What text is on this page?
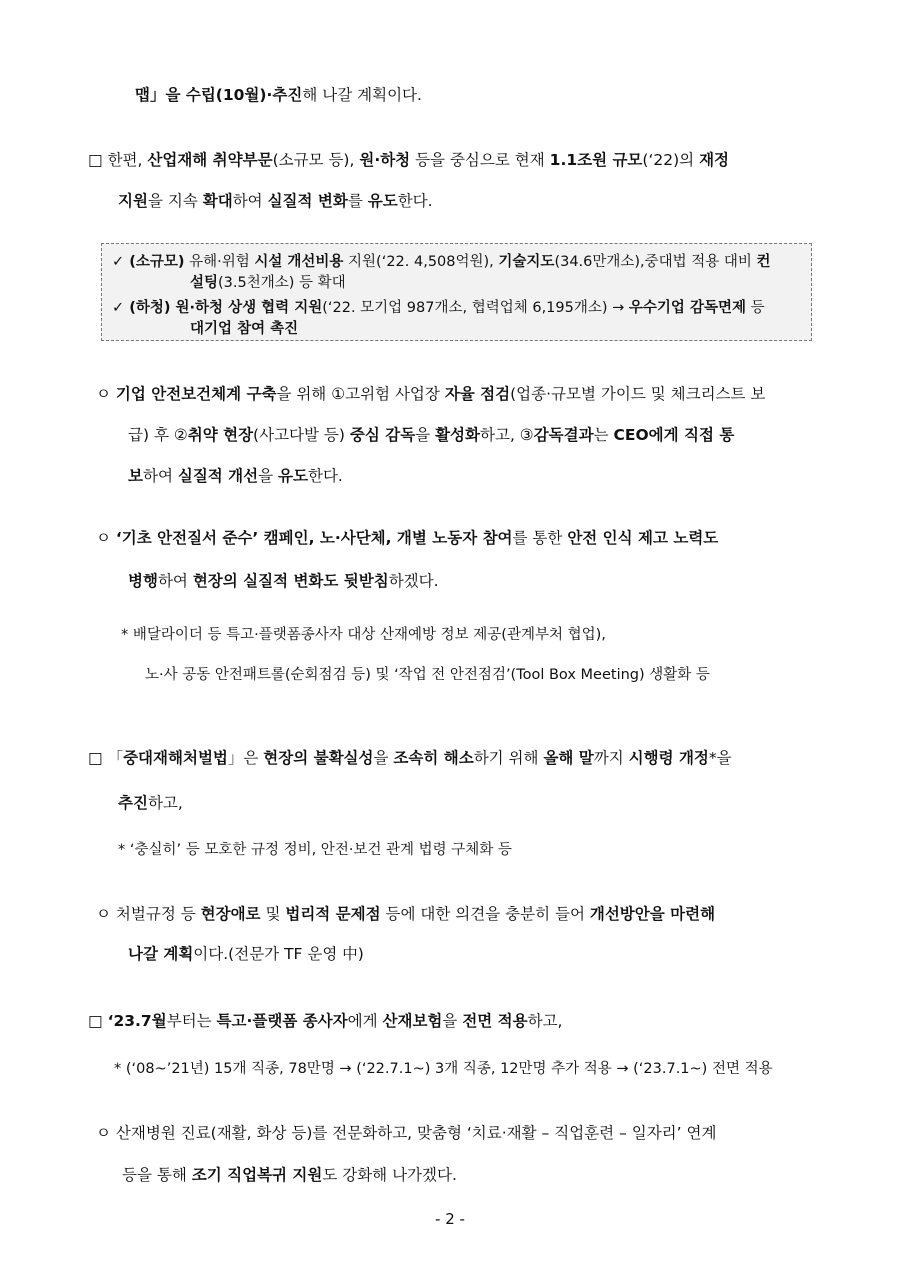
맵」을 수립(10월)·추진해 나갈 계획이다.
□ 한편, 산업재해 취약부문(소규모 등), 원·하청 등을 중심으로 현재 1.1조원 규모(‘22)의 재정
지원을 지속 확대하여 실질적 변화를 유도한다.
✓ (소규모) 유해·위험 시설 개선비용 지원(‘22. 4,508억원), 기술지도(34.6만개소),중대법 적용 대비 컨
설팅(3.5천개소) 등 확대
✓ (하청) 원·하청 상생 협력 지원(‘22. 모기업 987개소, 협력업체 6,195개소) → 우수기업 감독면제 등
대기업 참여 촉진
ㅇ 기업 안전보건체계 구축을 위해 ①고위험 사업장 자율 점검(업종·규모별 가이드 및 체크리스트 보
급) 후 ②취약 현장(사고다발 등) 중심 감독을 활성화하고, ③감독결과는 CEO에게 직접 통
보하여 실질적 개선을 유도한다.
ㅇ ‘기초 안전질서 준수’ 캠페인, 노·사단체, 개별 노동자 참여를 통한 안전 인식 제고 노력도
병행하여 현장의 실질적 변화도 뒷받침하겠다.
* 배달라이더 등 특고·플랫폼종사자 대상 산재예방 정보 제공(관계부처 협업),
노·사 공동 안전패트롤(순회점검 등) 및 ‘작업 전 안전점검’(Tool Box Meeting) 생활화 등
□ 「중대재해처벌법」은 현장의 불확실성을 조속히 해소하기 위해 올해 말까지 시행령 개정*을
추진하고,
* ‘충실히’ 등 모호한 규정 정비, 안전·보건 관계 법령 구체화 등
ㅇ 처벌규정 등 현장애로 및 법리적 문제점 등에 대한 의견을 충분히 들어 개선방안을 마련해
나갈 계획이다.(전문가 TF 운영 中)
□ ‘23.7월부터는 특고·플랫폼 종사자에게 산재보험을 전면 적용하고,
* (‘08~’21년) 15개 직종, 78만명 → (‘22.7.1~) 3개 직종, 12만명 추가 적용 → (‘23.7.1~) 전면 적용
ㅇ 산재병원 진료(재활, 화상 등)를 전문화하고, 맞춤형 ‘치료·재활 – 직업훈련 – 일자리’ 연계
등을 통해 조기 직업복귀 지원도 강화해 나가겠다.
- 2 -
